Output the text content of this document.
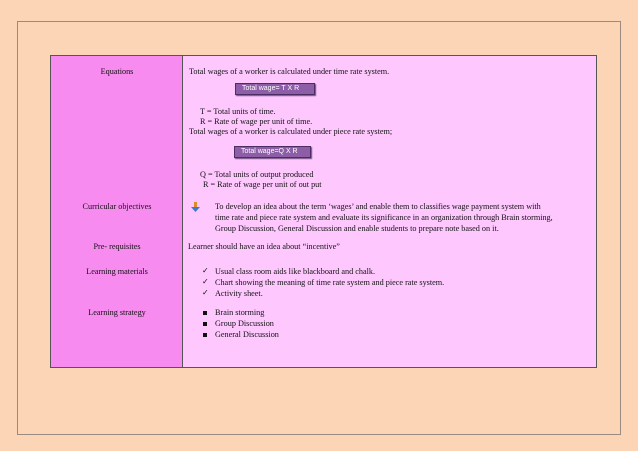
Equations
Curricular objectives
Pre- requisites
Learning materials
Learning strategy
Total wages of a worker is calculated under time rate system.
Total wage= T X R
T = Total units of time.
R = Rate of wage per unit of time.
Total wages of a worker is calculated under piece rate system;
Total wage=Q X R
Q = Total units of output produced
R = Rate of wage per unit of out put
To develop an idea about the term ‘wages’ and enable them to classifies wage payment system with
time rate and piece rate system and evaluate its significance in an organization through Brain storming,
Group Discussion, General Discussion and enable students to prepare note based on it.
Learner should have an idea about “incentive”
✓ Usual class room aids like blackboard and chalk.
✓ Chart showing the meaning of time rate system and piece rate system.
✓ Activity sheet.
Brain storming
Group Discussion
General Discussion
